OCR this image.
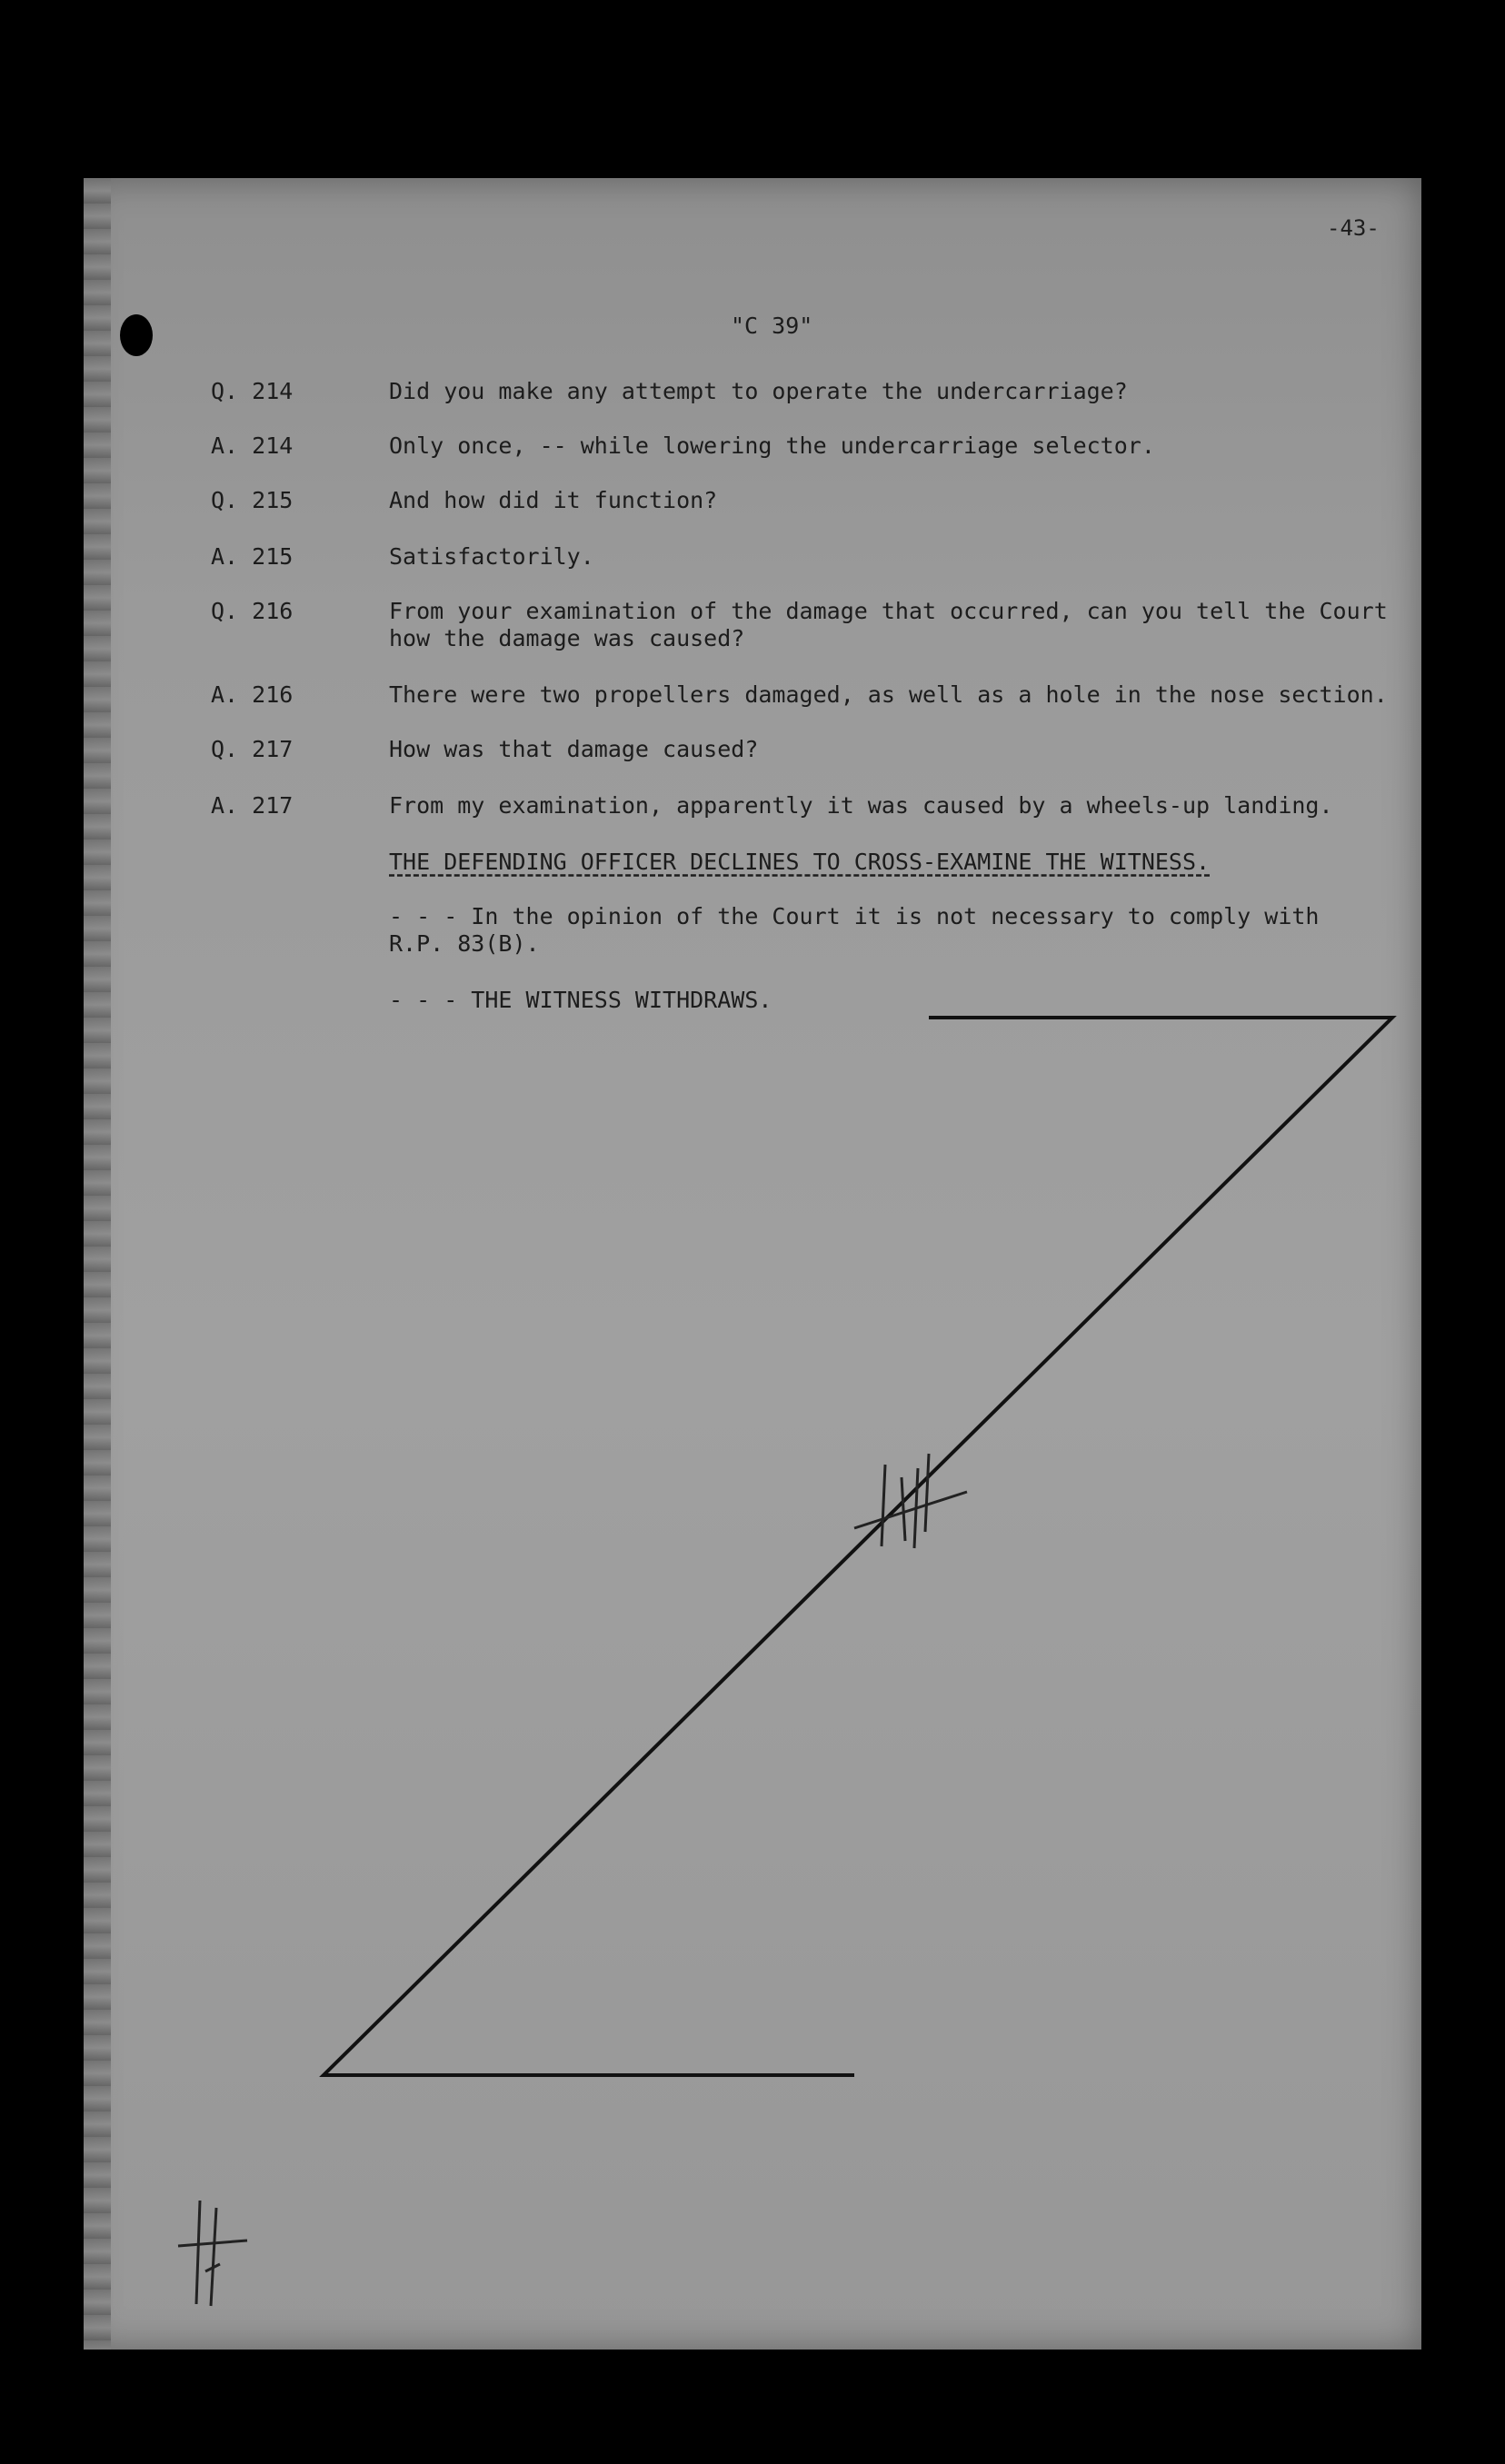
-43-
"C 39"
Q. 214	Did you make any attempt to operate the undercarriage?
A. 214	Only once, -- while lowering the undercarriage selector.
Q. 215	And how did it function?
A. 215	Satisfactorily.
Q. 216	From your examination of the damage that occurred, can you tell the Court how the damage was caused?
A. 216	There were two propellers damaged, as well as a hole in the nose section.
Q. 217	How was that damage caused?
A. 217	From my examination, apparently it was caused by a wheels-up landing.
THE DEFENDING OFFICER DECLINES TO CROSS-EXAMINE THE WITNESS.
- - - In the opinion of the Court it is not necessary to comply with R.P. 83(B).
- - - THE WITNESS WITHDRAWS.
